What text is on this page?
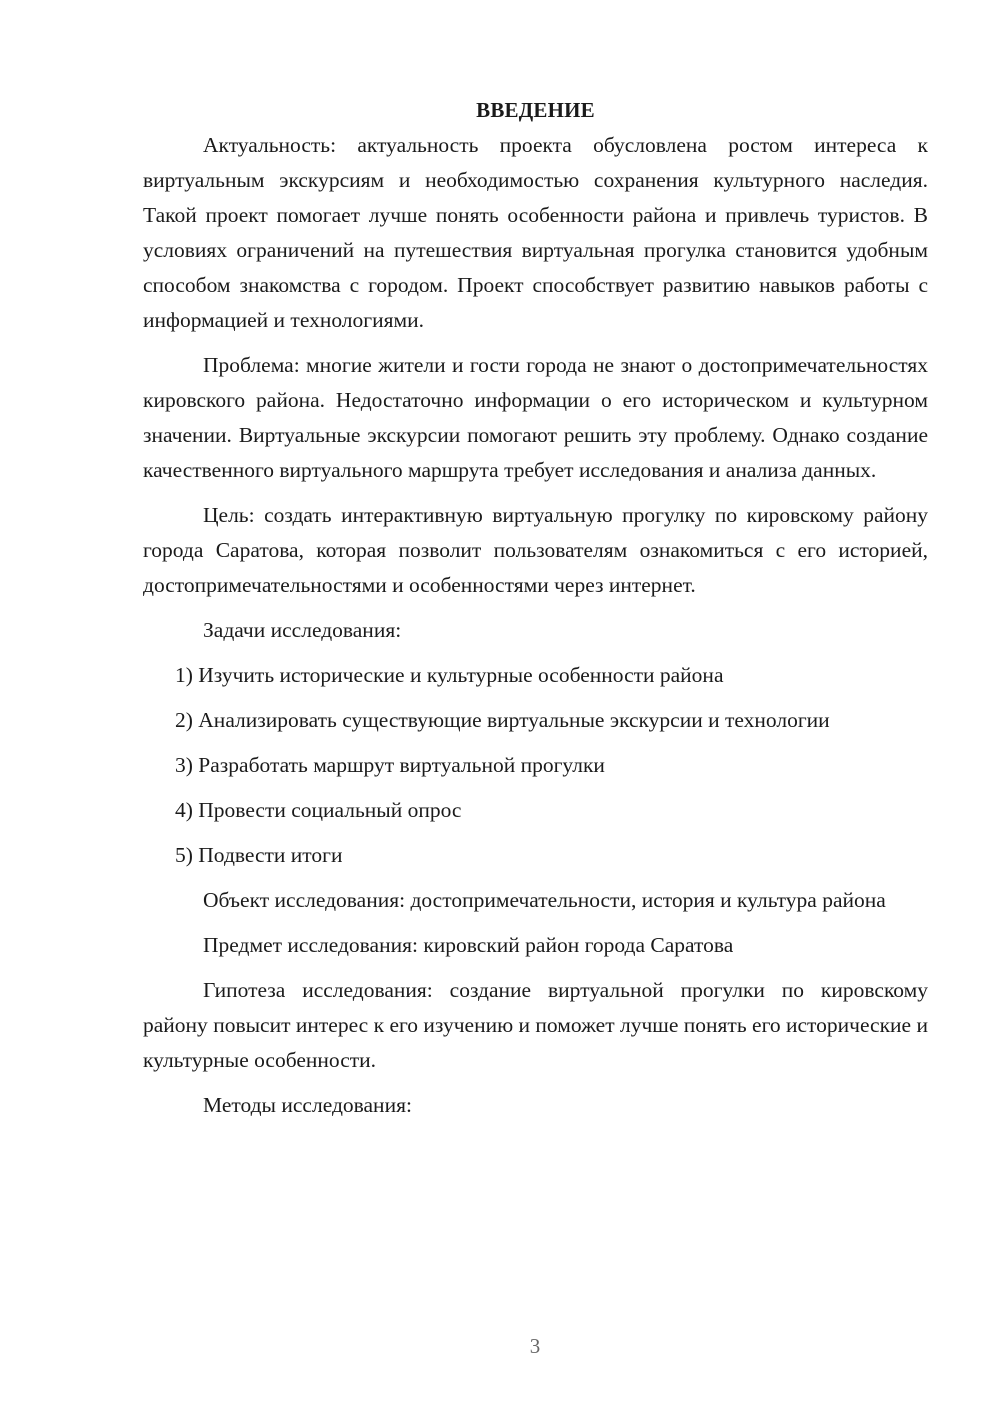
ВВЕДЕНИЕ

Актуальность: актуальность проекта обусловлена ростом интереса к виртуальным экскурсиям и необходимостью сохранения культурного наследия. Такой проект помогает лучше понять особенности района и привлечь туристов. В условиях ограничений на путешествия виртуальная прогулка становится удобным способом знакомства с городом. Проект способствует развитию навыков работы с информацией и технологиями.

Проблема: многие жители и гости города не знают о достопримечательностях кировского района. Недостаточно информации о его историческом и культурном значении. Виртуальные экскурсии помогают решить эту проблему. Однако создание качественного виртуального маршрута требует исследования и анализа данных.

Цель: создать интерактивную виртуальную прогулку по кировскому району города Саратова, которая позволит пользователям ознакомиться с его историей, достопримечательностями и особенностями через интернет.

Задачи исследования:

1) Изучить исторические и культурные особенности района

2) Анализировать существующие виртуальные экскурсии и технологии

3) Разработать маршрут виртуальной прогулки

4) Провести социальный опрос

5) Подвести итоги

Объект исследования: достопримечательности, история и культура района

Предмет исследования: кировский район города Саратова

Гипотеза исследования: создание виртуальной прогулки по кировскому району повысит интерес к его изучению и поможет лучше понять его исторические и культурные особенности.

Методы исследования:

3
